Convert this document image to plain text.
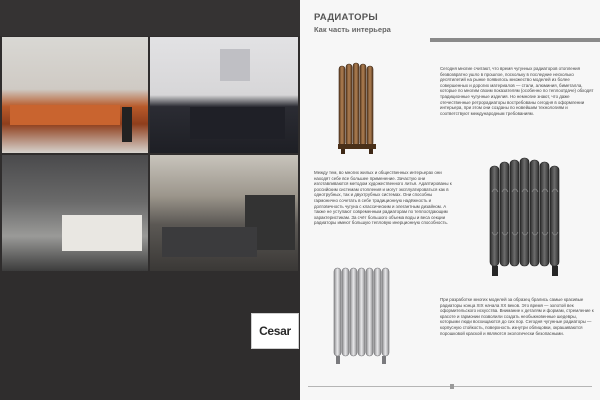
Cesar
РАДИАТОРЫ
Как часть интерьера

Сегодня многие считают, что время чугунных радиаторов отопления безвозвратно ушло в прошлое, поскольку в последние несколько десятилетий на рынке появилось множество моделей из более совершенных и дорогих материалов — стали, алюминия, биметалла, которые по многим своим показателям (особенно по теплоотдаче) обходят традиционные чугунные изделия. Но немногие знают, что даже отечественные ретрорадиаторы востребованы сегодня в оформлении интерьера, при этом они созданы по новейшим технологиям и соответствуют международным требованиям.

Между тем, во многих жилых и общественных интерьерах они находят себе все большее применение. Зачастую они изготавливаются методом художественного литья. Адаптированы к российским системам отопления и могут эксплуатироваться как в однотрубных, так и двухтрубных системах. Они способны гармонично сочетать в себе традиционную надёжность и долговечность чугуна с классическим и элегантным дизайном. А также не уступают современным радиаторам по теплоотдающим характеристикам. За счёт большого объема воды и веса секции радиаторы имеют большую тепловую инерционную способность.

При разработке многих моделей за образец брались самые красивые радиаторы конца XIX начала XX веков. Это время — золотой век оформительского искусства. Внимание к деталям и формам, стремление к красоте и гармонии позволили создать необыкновенные шедевры, которыми люди восхищаются до сих пор. Сегодня чугунные радиаторы — корпусную стойкость, поверхность изнутри облицовки, окрашиваются порошковой краской и являются экологически безопасными.
